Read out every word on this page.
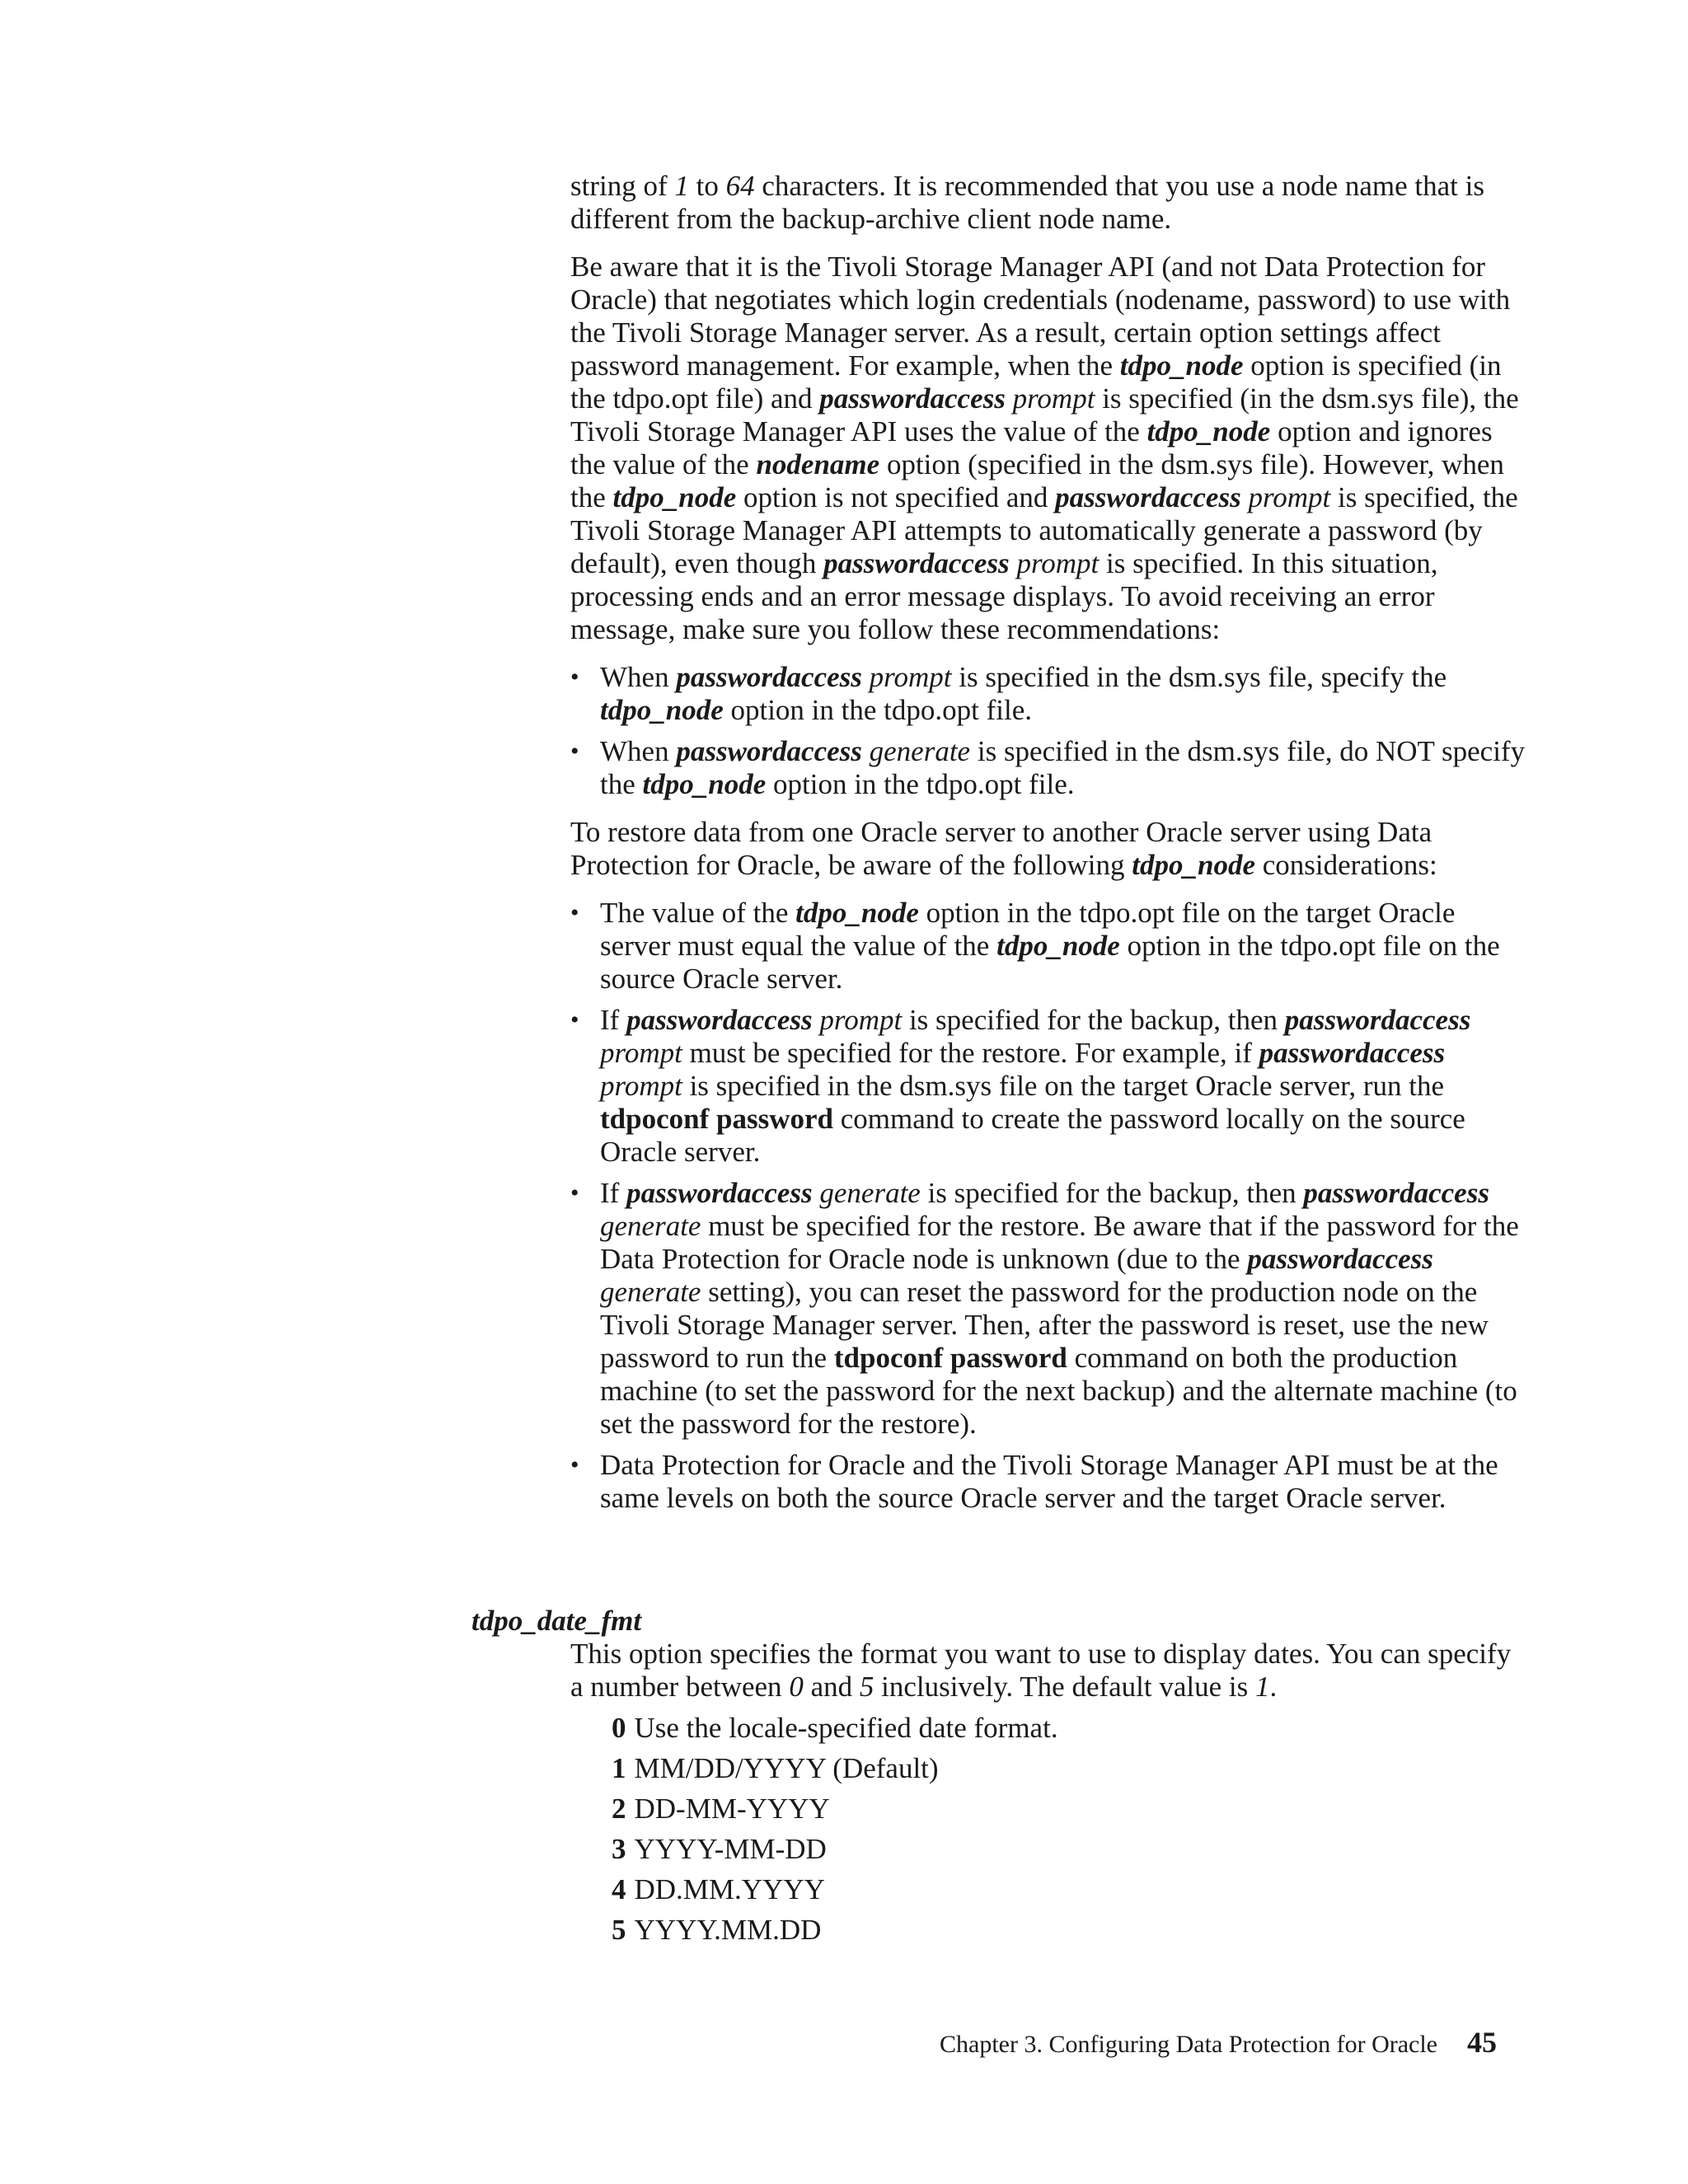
string of 1 to 64 characters. It is recommended that you use a node name that is different from the backup-archive client node name.

Be aware that it is the Tivoli Storage Manager API (and not Data Protection for Oracle) that negotiates which login credentials (nodename, password) to use with the Tivoli Storage Manager server. As a result, certain option settings affect password management. For example, when the tdpo_node option is specified (in the tdpo.opt file) and passwordaccess prompt is specified (in the dsm.sys file), the Tivoli Storage Manager API uses the value of the tdpo_node option and ignores the value of the nodename option (specified in the dsm.sys file). However, when the tdpo_node option is not specified and passwordaccess prompt is specified, the Tivoli Storage Manager API attempts to automatically generate a password (by default), even though passwordaccess prompt is specified. In this situation, processing ends and an error message displays. To avoid receiving an error message, make sure you follow these recommendations:

• When passwordaccess prompt is specified in the dsm.sys file, specify the tdpo_node option in the tdpo.opt file.
• When passwordaccess generate is specified in the dsm.sys file, do NOT specify the tdpo_node option in the tdpo.opt file.

To restore data from one Oracle server to another Oracle server using Data Protection for Oracle, be aware of the following tdpo_node considerations:

• The value of the tdpo_node option in the tdpo.opt file on the target Oracle server must equal the value of the tdpo_node option in the tdpo.opt file on the source Oracle server.
• If passwordaccess prompt is specified for the backup, then passwordaccess prompt must be specified for the restore. For example, if passwordaccess prompt is specified in the dsm.sys file on the target Oracle server, run the tdpoconf password command to create the password locally on the source Oracle server.
• If passwordaccess generate is specified for the backup, then passwordaccess generate must be specified for the restore. Be aware that if the password for the Data Protection for Oracle node is unknown (due to the passwordaccess generate setting), you can reset the password for the production node on the Tivoli Storage Manager server. Then, after the password is reset, use the new password to run the tdpoconf password command on both the production machine (to set the password for the next backup) and the alternate machine (to set the password for the restore).
• Data Protection for Oracle and the Tivoli Storage Manager API must be at the same levels on both the source Oracle server and the target Oracle server.
tdpo_date_fmt

This option specifies the format you want to use to display dates. You can specify a number between 0 and 5 inclusively. The default value is 1.

0 Use the locale-specified date format.
1 MM/DD/YYYY (Default)
2 DD-MM-YYYY
3 YYYY-MM-DD
4 DD.MM.YYYY
5 YYYY.MM.DD
Chapter 3. Configuring Data Protection for Oracle 45
